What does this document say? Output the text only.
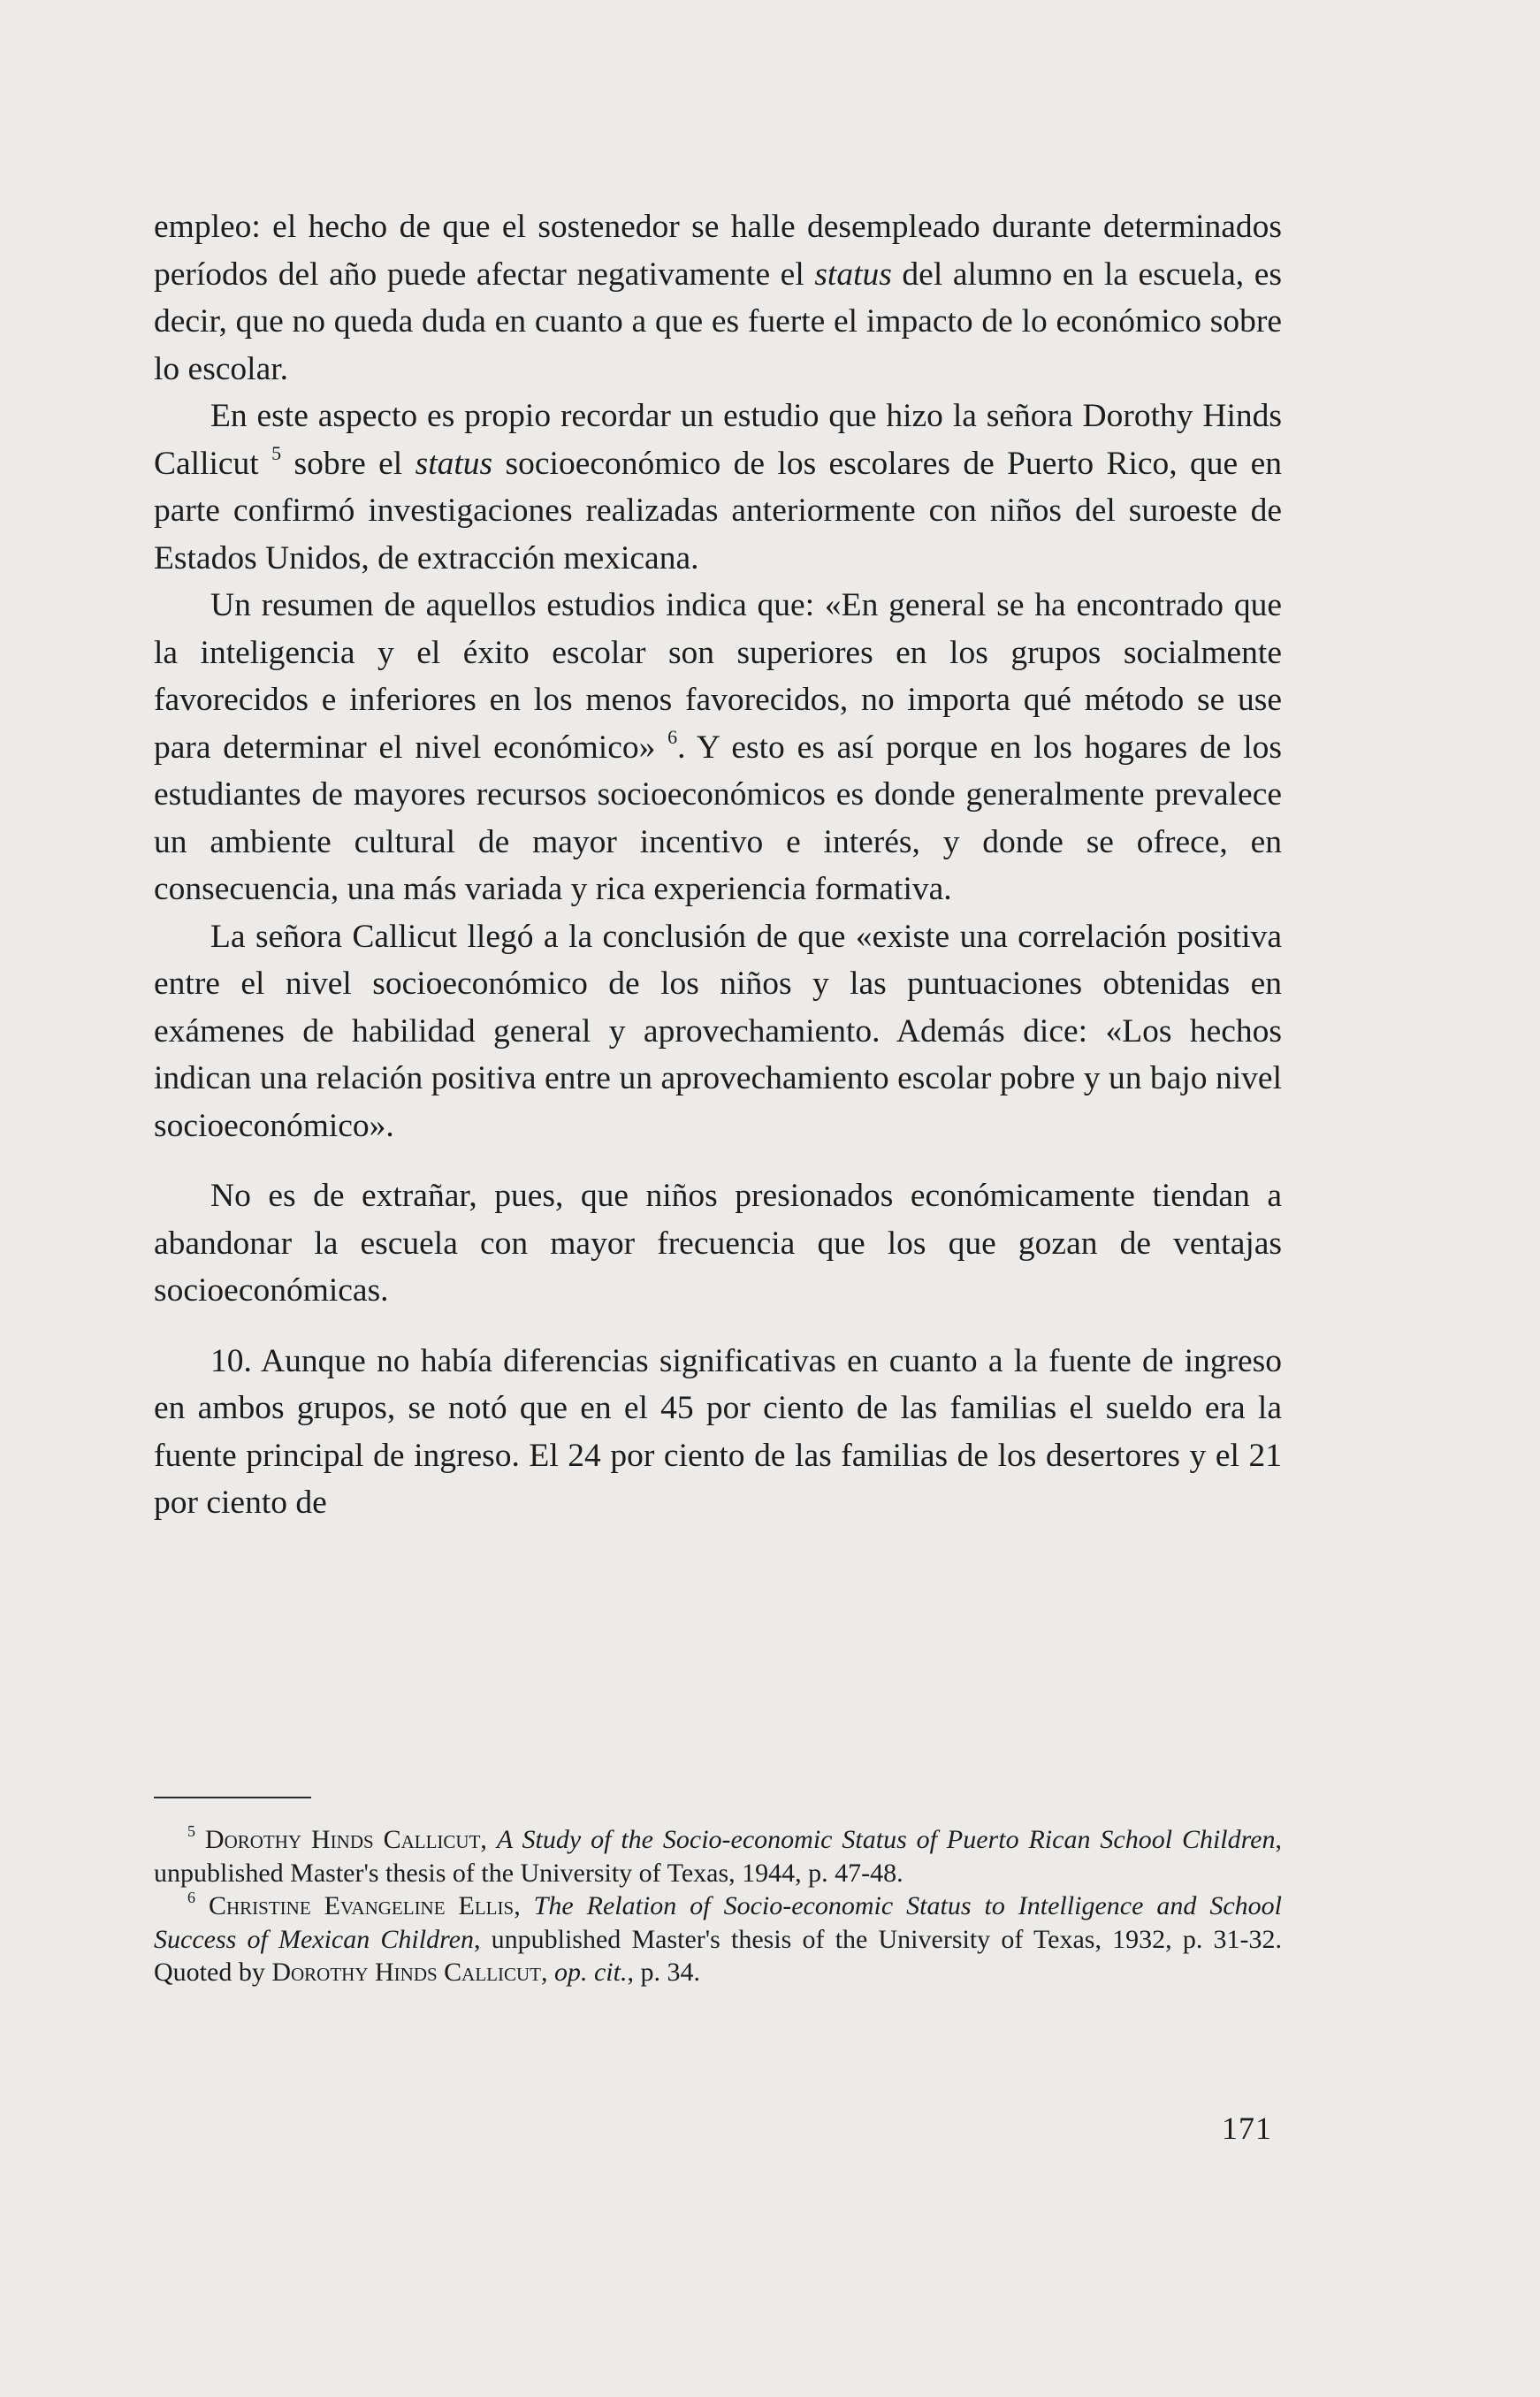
empleo: el hecho de que el sostenedor se halle desempleado durante determinados períodos del año puede afectar negativamente el status del alumno en la escuela, es decir, que no queda duda en cuanto a que es fuerte el impacto de lo económico sobre lo escolar.

En este aspecto es propio recordar un estudio que hizo la señora Dorothy Hinds Callicut $^5$ sobre el status socioeconómico de los escolares de Puerto Rico, que en parte confirmó investigaciones realizadas anteriormente con niños del suroeste de Estados Unidos, de extracción mexicana.

Un resumen de aquellos estudios indica que: «En general se ha encontrado que la inteligencia y el éxito escolar son superiores en los grupos socialmente favorecidos e inferiores en los menos favorecidos, no importa qué método se use para determinar el nivel económico» $^6$. Y esto es así porque en los hogares de los estudiantes de mayores recursos socioeconómicos es donde generalmente prevalece un ambiente cultural de mayor incentivo e interés, y donde se ofrece, en consecuencia, una más variada y rica experiencia formativa.

La señora Callicut llegó a la conclusión de que «existe una correlación positiva entre el nivel socioeconómico de los niños y las puntuaciones obtenidas en exámenes de habilidad general y aprovechamiento. Además dice: «Los hechos indican una relación positiva entre un aprovechamiento escolar pobre y un bajo nivel socioeconómico».

No es de extrañar, pues, que niños presionados económicamente tiendan a abandonar la escuela con mayor frecuencia que los que gozan de ventajas socioeconómicas.

10. Aunque no había diferencias significativas en cuanto a la fuente de ingreso en ambos grupos, se notó que en el 45 por ciento de las familias el sueldo era la fuente principal de ingreso. El 24 por ciento de las familias de los desertores y el 21 por ciento de

$^5$ Dorothy Hinds Callicut, A Study of the Socio-economic Status of Puerto Rican School Children, unpublished Master's thesis of the University of Texas, 1944, p. 47-48.

$^6$ Christine Evangeline Ellis, The Relation of Socio-economic Status to Intelligence and School Success of Mexican Children, unpublished Master's thesis of the University of Texas, 1932, p. 31-32. Quoted by Dorothy Hinds Callicut, op. cit., p. 34.

171
